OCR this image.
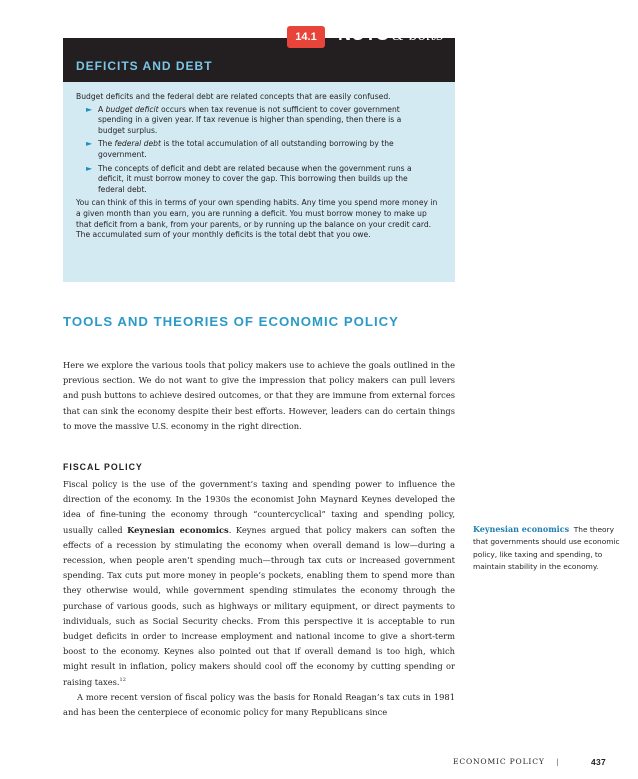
DEFICITS AND DEBT
14.1	NUTS & bolts

Budget deficits and the federal debt are related concepts that are easily confused.

► A budget deficit occurs when tax revenue is not sufficient to cover government spending in a given year. If tax revenue is higher than spending, then there is a budget surplus.
► The federal debt is the total accumulation of all outstanding borrowing by the government.
► The concepts of deficit and debt are related because when the government runs a deficit, it must borrow money to cover the gap. This borrowing then builds up the federal debt.

You can think of this in terms of your own spending habits. Any time you spend more money in a given month than you earn, you are running a deficit. You must borrow money to make up that deficit from a bank, from your parents, or by running up the balance on your credit card. The accumulated sum of your monthly deficits is the total debt that you owe.

TOOLS AND THEORIES OF ECONOMIC POLICY
Here we explore the various tools that policy makers use to achieve the goals outlined in the previous section. We do not want to give the impression that policy makers can pull levers and push buttons to achieve desired outcomes, or that they are immune from external forces that can sink the economy despite their best efforts. However, leaders can do certain things to move the massive U.S. economy in the right direction.
FISCAL POLICY
Fiscal policy is the use of the government’s taxing and spending power to influence the direction of the economy. In the 1930s the economist John Maynard Keynes developed the idea of fine-tuning the economy through “countercyclical” taxing and spending policy, usually called Keynesian economics. Keynes argued that policy makers can soften the effects of a recession by stimulating the economy when overall demand is low—during a recession, when people aren’t spending much—through tax cuts or increased government spending. Tax cuts put more money in people’s pockets, enabling them to spend more than they otherwise would, while government spending stimulates the economy through the purchase of various goods, such as highways or military equipment, or direct payments to individuals, such as Social Security checks. From this perspective it is acceptable to run budget deficits in order to increase employment and national income to give a short-term boost to the economy. Keynes also pointed out that if overall demand is too high, which might result in inflation, policy makers should cool off the economy by cutting spending or raising taxes.$^{12}$
A more recent version of fiscal policy was the basis for Ronald Reagan’s tax cuts in 1981 and has been the centerpiece of economic policy for many Republicans since
Keynesian economics The theory that governments should use economic policy, like taxing and spending, to maintain stability in the economy.
ECONOMIC POLICY |	437
